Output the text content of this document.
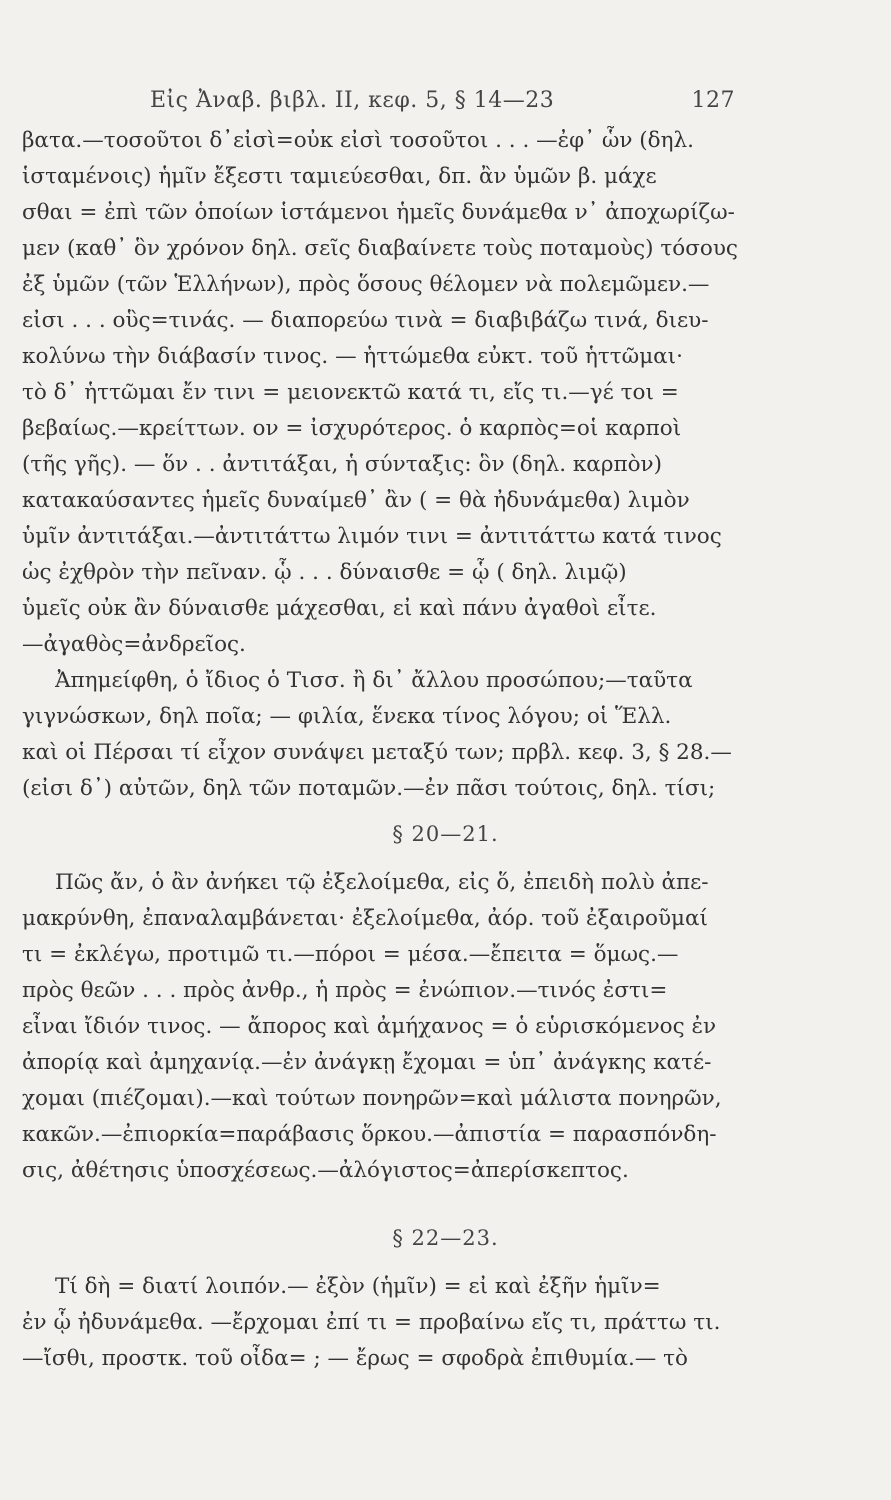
Εἰς Ἀναβ. βιβλ. ΙΙ, κεφ. 5, § 14—23	127
βατα.—τοσοῦτοι δ᾽εἰσὶ=οὐκ εἰσὶ τοσοῦτοι . . . —ἐφ᾽ ὧν (δηλ.
ἱσταμένοις) ἡμῖν ἔξεστι ταμιεύεσθαι, δπ. ἂν ὑμῶν β. μάχε
σθαι = ἐπὶ τῶν ὁποίων ἱστάμενοι ἡμεῖς δυνάμεθα ν᾽ ἀποχωρίζω-
μεν (καθ᾽ ὃν χρόνον δηλ. σεῖς διαβαίνετε τοὺς ποταμοὺς) τόσους
ἐξ ὑμῶν (τῶν Ἑλλήνων), πρὸς ὅσους θέλομεν νὰ πολεμῶμεν.—
εἰσι . . . οὓς=τινάς. — διαπορεύω τινὰ = διαβιβάζω τινά, διευ-
κολύνω τὴν διάβασίν τινος. — ἡττώμεθα εὐκτ. τοῦ ἡττῶμαι·
τὸ δ᾽ ἡττῶμαι ἔν τινι = μειονεκτῶ κατά τι, εἴς τι.—γέ τοι =
βεβαίως.—κρείττων. ον = ἰσχυρότερος. ὁ καρπὸς=οἱ καρποὶ
(τῆς γῆς). — ὅν . . ἀντιτάξαι, ἡ σύνταξις: ὃν (δηλ. καρπὸν)
κατακαύσαντες ἡμεῖς δυναίμεθ᾽ ἂν ( = θὰ ἠδυνάμεθα) λιμὸν
ὑμῖν ἀντιτάξαι.—ἀντιτάττω λιμόν τινι = ἀντιτάττω κατά τινος
ὡς ἐχθρὸν τὴν πεῖναν. ᾧ . . . δύναισθε = ᾧ ( δηλ. λιμῷ)
ὑμεῖς οὐκ ἂν δύναισθε μάχεσθαι, εἰ καὶ πάνυ ἀγαθοὶ εἶτε.
—ἀγαθὸς=ἀνδρεῖος.
Ἀπημείφθη, ὁ ἴδιος ὁ Τισσ. ἢ δι᾽ ἄλλου προσώπου;—ταῦτα
γιγνώσκων, δηλ ποῖα; — φιλία, ἕνεκα τίνος λόγου; οἱ Ἕλλ.
καὶ οἱ Πέρσαι τί εἶχον συνάψει μεταξύ των; πρβλ. κεφ. 3, § 28.—
(εἰσι δ᾽) αὐτῶν, δηλ τῶν ποταμῶν.—ἐν πᾶσι τούτοις, δηλ. τίσι;
§ 20—21.
Πῶς ἄν, ὁ ἂν ἀνήκει τῷ ἐξελοίμεθα, εἰς ὅ, ἐπειδὴ πολὺ ἀπε-
μακρύνθη, ἐπαναλαμβάνεται· ἐξελοίμεθα, ἀόρ. τοῦ ἐξαιροῦμαί
τι = ἐκλέγω, προτιμῶ τι.—πόροι = μέσα.—ἔπειτα = ὅμως.—
πρὸς θεῶν . . . πρὸς ἀνθρ., ἡ πρὸς = ἐνώπιον.—τινός ἐστι=
εἶναι ἴδιόν τινος. — ἄπορος καὶ ἀμήχανος = ὁ εὑρισκόμενος ἐν
ἀπορίᾳ καὶ ἀμηχανίᾳ.—ἐν ἀνάγκῃ ἔχομαι = ὑπ᾽ ἀνάγκης κατέ-
χομαι (πιέζομαι).—καὶ τούτων πονηρῶν=καὶ μάλιστα πονηρῶν,
κακῶν.—ἐπιορκία=παράβασις ὅρκου.—ἀπιστία = παρασπόνδη-
σις, ἀθέτησις ὑποσχέσεως.—ἀλόγιστος=ἀπερίσκεπτος.
§ 22—23.
Τί δὴ = διατί λοιπόν.— ἐξὸν (ἡμῖν) = εἰ καὶ ἐξῆν ἡμῖν=
ἐν ᾧ ἠδυνάμεθα. —ἔρχομαι ἐπί τι = προβαίνω εἴς τι, πράττω τι.
—ἴσθι, προστκ. τοῦ οἶδα= ; — ἔρως = σφοδρὰ ἐπιθυμία.— τὸ
